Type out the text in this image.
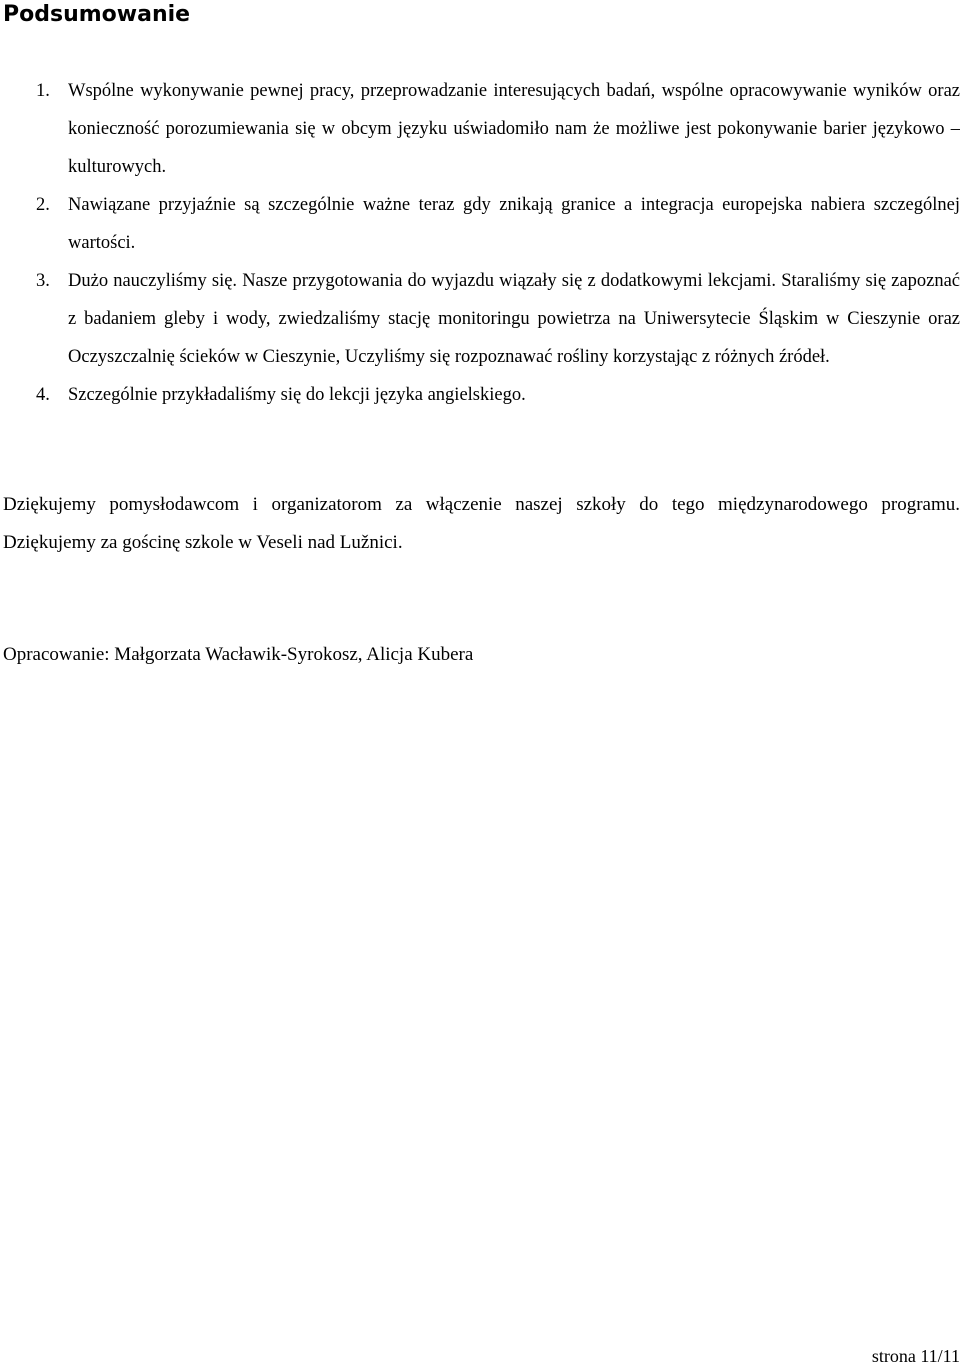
Podsumowanie
1. Wspólne wykonywanie pewnej pracy, przeprowadzanie interesujących badań, wspólne opracowywanie wyników oraz konieczność porozumiewania się w obcym języku uświadomiło nam że możliwe jest pokonywanie barier językowo – kulturowych.
2. Nawiązane przyjaźnie są szczególnie ważne teraz gdy znikają granice a integracja europejska nabiera szczególnej wartości.
3. Dużo nauczyliśmy się. Nasze przygotowania do wyjazdu wiązały się z dodatkowymi lekcjami. Staraliśmy się zapoznać z badaniem gleby i wody, zwiedzaliśmy stację monitoringu powietrza na Uniwersytecie Śląskim w Cieszynie oraz Oczyszczalnię ścieków w Cieszynie, Uczyliśmy się rozpoznawać rośliny korzystając z różnych źródeł.
4. Szczególnie przykładaliśmy się do lekcji języka angielskiego.

Dziękujemy pomysłodawcom i organizatorom za włączenie naszej szkoły do tego międzynarodowego programu. Dziękujemy za gościnę szkole w Veseli nad Lužnici.

Opracowanie: Małgorzata Wacławik-Syrokosz, Alicja Kubera

strona 11/11
